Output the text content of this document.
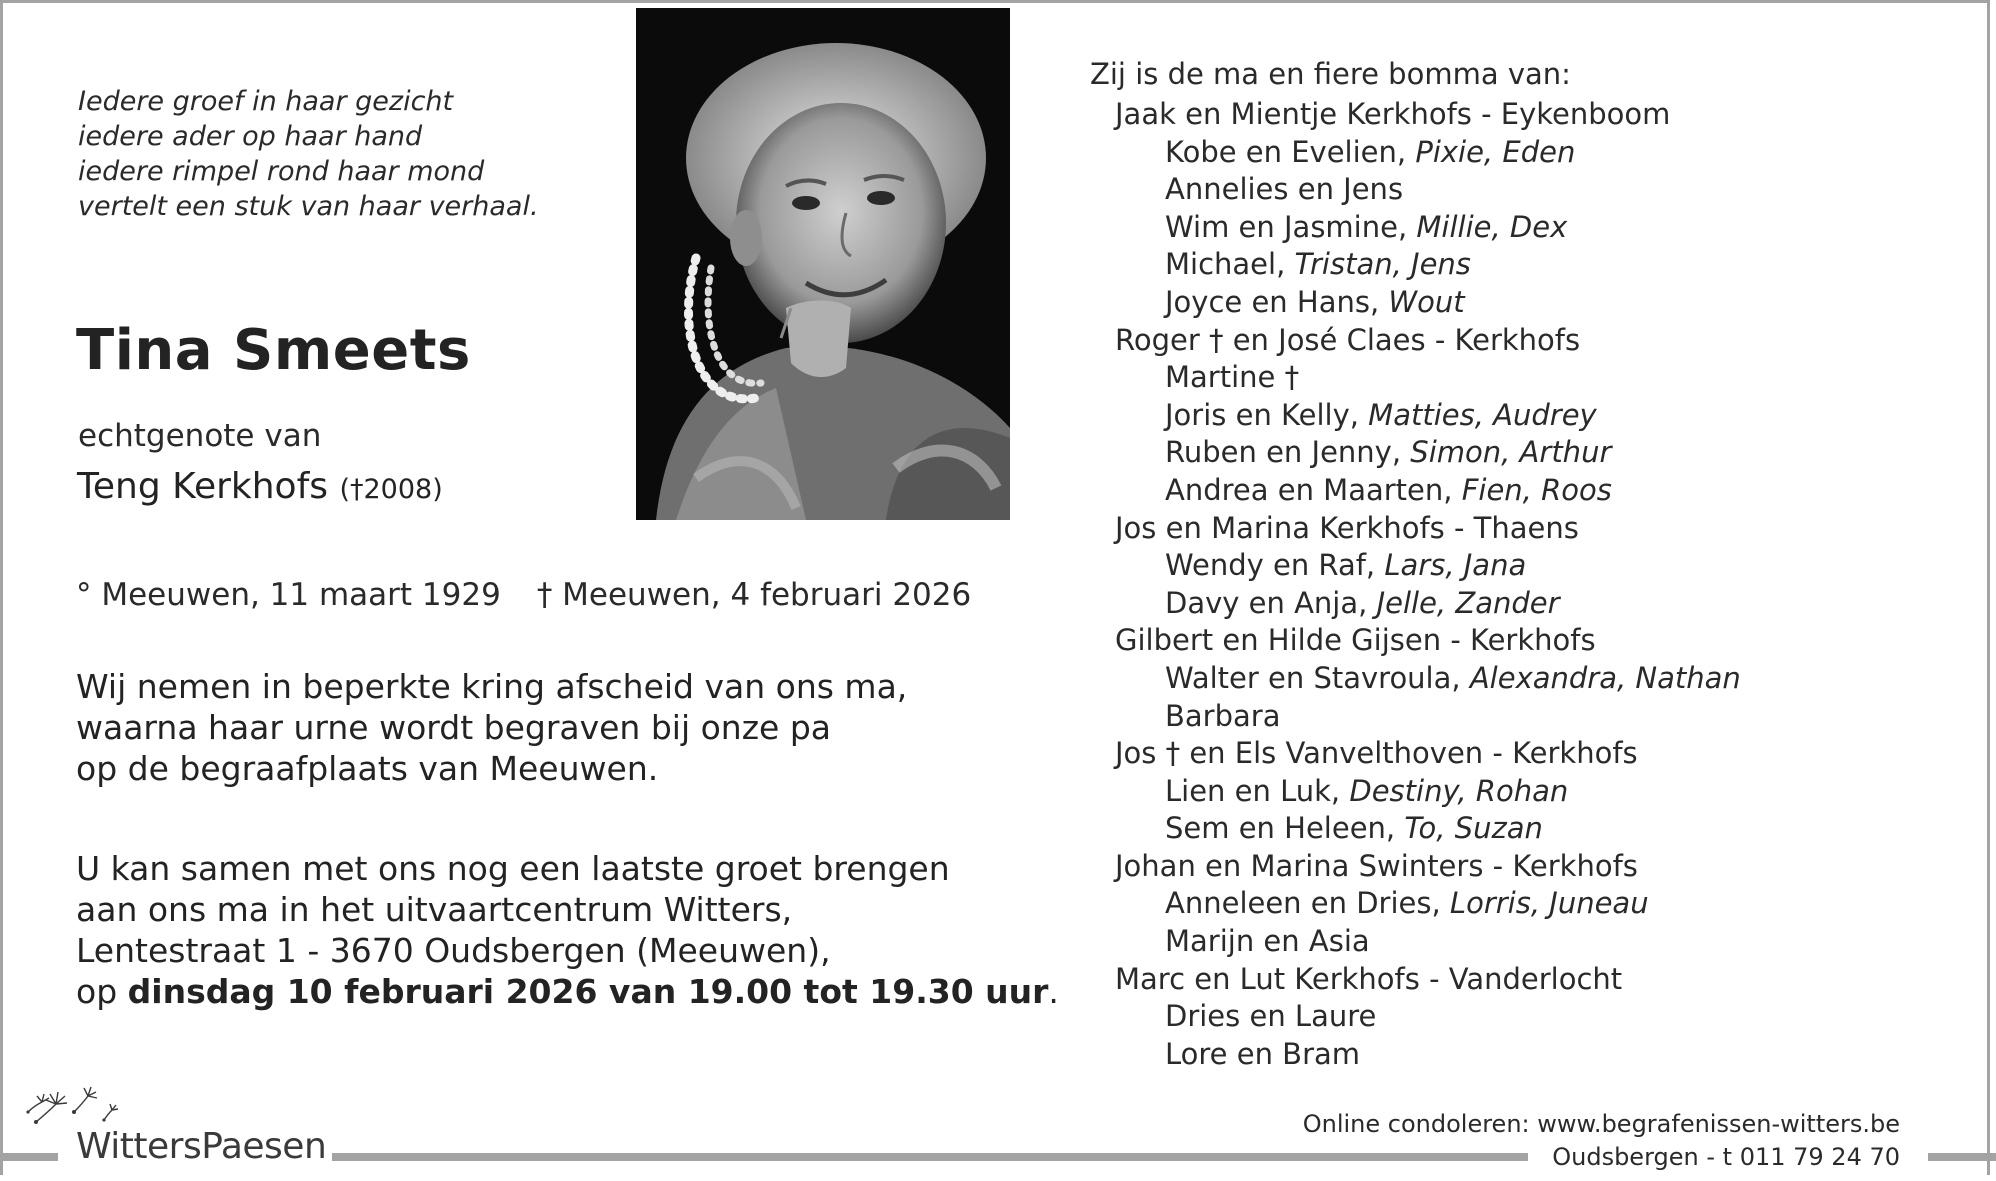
Iedere groef in haar gezicht
iedere ader op haar hand
iedere rimpel rond haar mond
vertelt een stuk van haar verhaal.
Tina Smeets
echtgenote van
Teng Kerkhofs (†2008)
° Meeuwen, 11 maart 1929 † Meeuwen, 4 februari 2026
Wij nemen in beperkte kring afscheid van ons ma,
waarna haar urne wordt begraven bij onze pa
op de begraafplaats van Meeuwen.
U kan samen met ons nog een laatste groet brengen
aan ons ma in het uitvaartcentrum Witters,
Lentestraat 1 - 3670 Oudsbergen (Meeuwen),
op dinsdag 10 februari 2026 van 19.00 tot 19.30 uur.
Zij is de ma en fiere bomma van:
Jaak en Mientje Kerkhofs - Eykenboom
Kobe en Evelien, Pixie, Eden
Annelies en Jens
Wim en Jasmine, Millie, Dex
Michael, Tristan, Jens
Joyce en Hans, Wout
Roger † en José Claes - Kerkhofs
Martine †
Joris en Kelly, Matties, Audrey
Ruben en Jenny, Simon, Arthur
Andrea en Maarten, Fien, Roos
Jos en Marina Kerkhofs - Thaens
Wendy en Raf, Lars, Jana
Davy en Anja, Jelle, Zander
Gilbert en Hilde Gijsen - Kerkhofs
Walter en Stavroula, Alexandra, Nathan
Barbara
Jos † en Els Vanvelthoven - Kerkhofs
Lien en Luk, Destiny, Rohan
Sem en Heleen, To, Suzan
Johan en Marina Swinters - Kerkhofs
Anneleen en Dries, Lorris, Juneau
Marijn en Asia
Marc en Lut Kerkhofs - Vanderlocht
Dries en Laure
Lore en Bram
WittersPaesen
Online condoleren: www.begrafenissen-witters.be
Oudsbergen - t 011 79 24 70
